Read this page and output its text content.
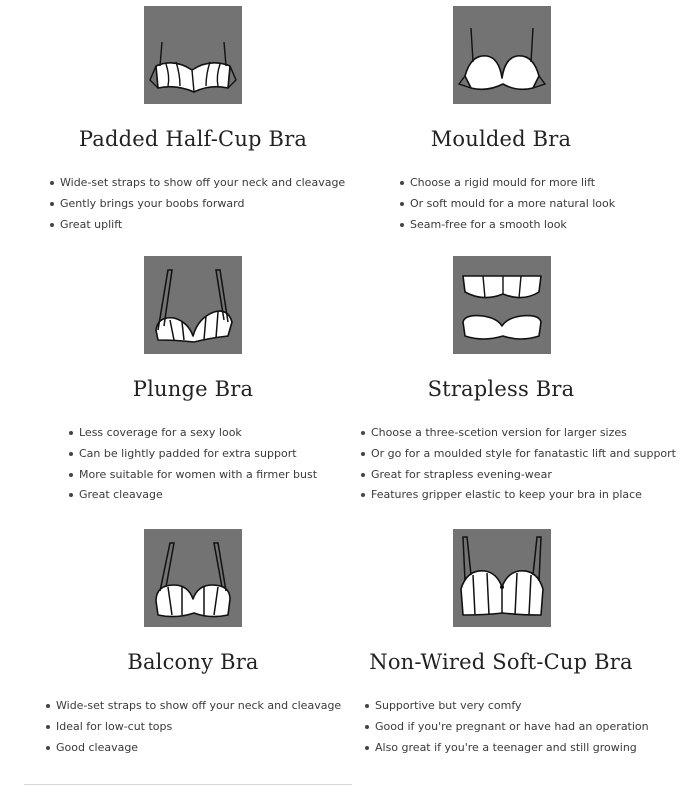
Padded Half-Cup Bra
Wide-set straps to show off your neck and cleavage
Gently brings your boobs forward
Great uplift
Moulded Bra
Choose a rigid mould for more lift
Or soft mould for a more natural look
Seam-free for a smooth look
Plunge Bra
Less coverage for a sexy look
Can be lightly padded for extra support
More suitable for women with a firmer bust
Great cleavage
Strapless Bra
Choose a three-scetion version for larger sizes
Or go for a moulded style for fanatastic lift and support
Great for strapless evening-wear
Features gripper elastic to keep your bra in place
Balcony Bra
Wide-set straps to show off your neck and cleavage
Ideal for low-cut tops
Good cleavage
Non-Wired Soft-Cup Bra
Supportive but very comfy
Good if you're pregnant or have had an operation
Also great if you're a teenager and still growing
